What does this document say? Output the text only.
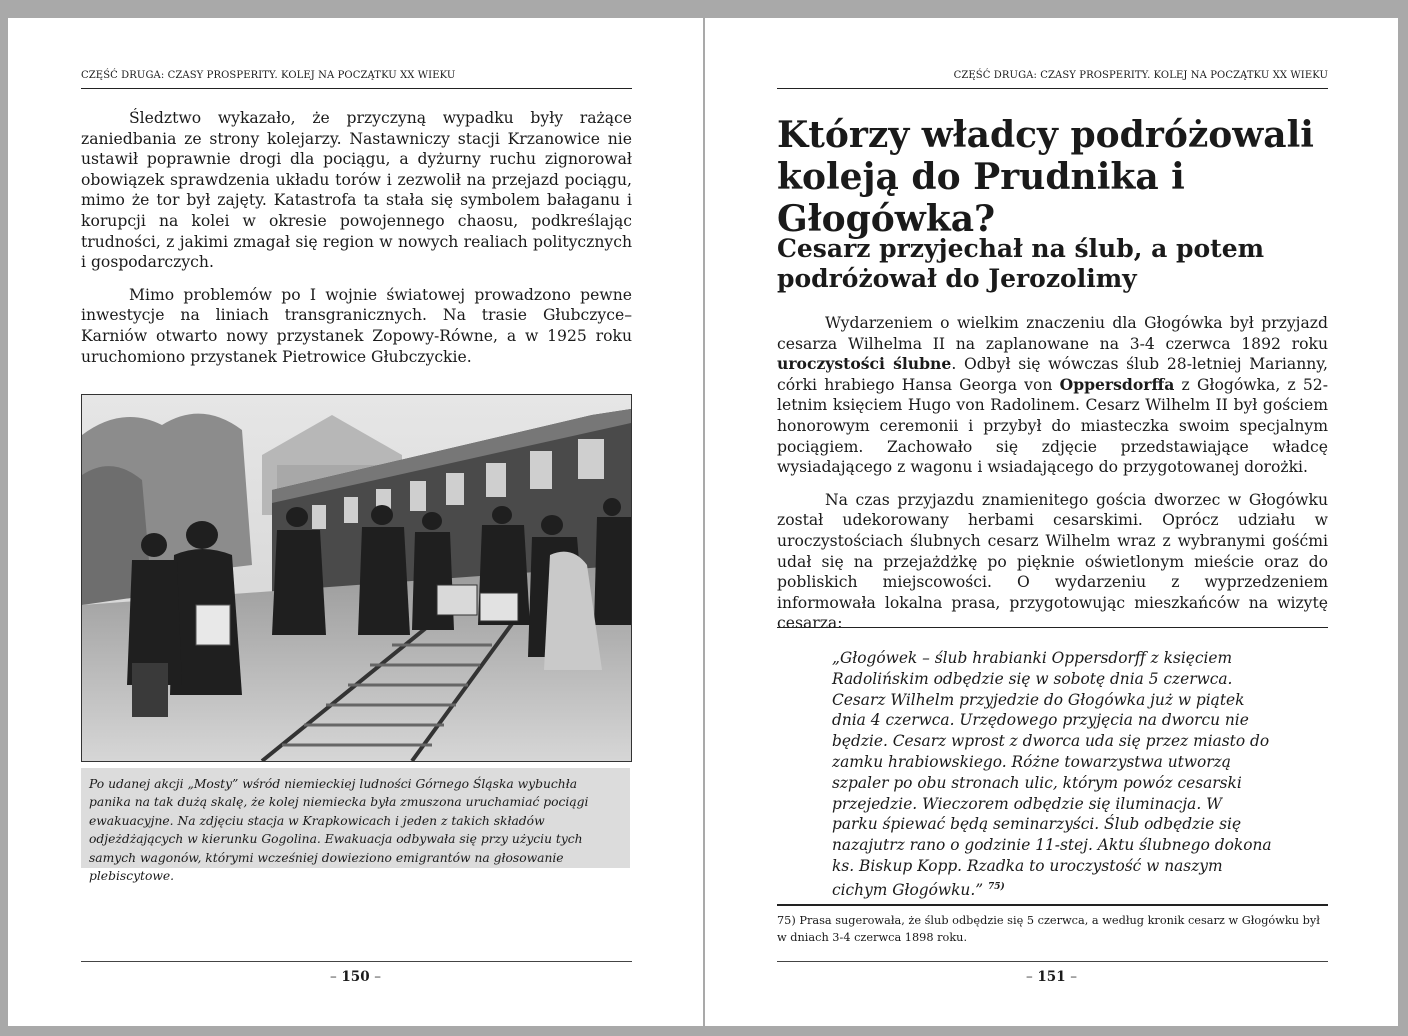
CZĘŚĆ DRUGA: CZASY PROSPERITY. KOLEJ NA POCZĄTKU XX WIEKU

Śledztwo wykazało, że przyczyną wypadku były rażące zaniedbania ze strony kolejarzy. Nastawniczy stacji Krzanowice nie ustawił poprawnie drogi dla pociągu, a dyżurny ruchu zignorował obowiązek sprawdzenia układu torów i zezwolił na przejazd pociągu, mimo że tor był zajęty. Katastrofa ta stała się symbolem bałaganu i korupcji na kolei w okresie powojennego chaosu, podkreślając trudności, z jakimi zmagał się region w nowych realiach politycznych i gospodarczych.

Mimo problemów po I wojnie światowej prowadzono pewne inwestycje na liniach transgranicznych. Na trasie Głubczyce–Karniów otwarto nowy przystanek Zopowy-Równe, a w 1925 roku uruchomiono przystanek Pietrowice Głubczyckie.

Po udanej akcji „Mosty” wśród niemieckiej ludności Górnego Śląska wybuchła panika na tak dużą skalę, że kolej niemiecka była zmuszona uruchamiać pociągi ewakuacyjne. Na zdjęciu stacja w Krapkowicach i jeden z takich składów odjeżdżających w kierunku Gogolina. Ewakuacja odbywała się przy użyciu tych samych wagonów, którymi wcześniej dowieziono emigrantów na głosowanie plebiscytowe.
– 150 –
CZĘŚĆ DRUGA: CZASY PROSPERITY. KOLEJ NA POCZĄTKU XX WIEKU
Którzy władcy podróżowali koleją do Prudnika i Głogówka?
Cesarz przyjechał na ślub, a potem podróżował do Jerozolimy

Wydarzeniem o wielkim znaczeniu dla Głogówka był przyjazd cesarza Wilhelma II na zaplanowane na 3-4 czerwca 1892 roku uroczystości ślubne. Odbył się wówczas ślub 28-letniej Marianny, córki hrabiego Hansa Georga von Oppersdorffa z Głogówka, z 52-letnim księciem Hugo von Radolinem. Cesarz Wilhelm II był gościem honorowym ceremonii i przybył do miasteczka swoim specjalnym pociągiem. Zachowało się zdjęcie przedstawiające władcę wysiadającego z wagonu i wsiadającego do przygotowanej dorożki.

Na czas przyjazdu znamienitego gościa dworzec w Głogówku został udekorowany herbami cesarskimi. Oprócz udziału w uroczystościach ślubnych cesarz Wilhelm wraz z wybranymi gośćmi udał się na przejażdżkę po pięknie oświetlonym mieście oraz do pobliskich miejscowości. O wydarzeniu z wyprzedzeniem informowała lokalna prasa, przygotowując mieszkańców na wizytę cesarza:

„Głogówek – ślub hrabianki Oppersdorff z księciem Radolińskim odbędzie się w sobotę dnia 5 czerwca. Cesarz Wilhelm przyjedzie do Głogówka już w piątek dnia 4 czerwca. Urzędowego przyjęcia na dworcu nie będzie. Cesarz wprost z dworca uda się przez miasto do zamku hrabiowskiego. Różne towarzystwa utworzą szpaler po obu stronach ulic, którym powóz cesarski przejedzie. Wieczorem odbędzie się iluminacja. W parku śpiewać będą seminarzyści. Ślub odbędzie się nazajutrz rano o godzinie 11-stej. Aktu ślubnego dokona ks. Biskup Kopp. Rzadka to uroczystość w naszym cichym Głogówku.” $^{75)}$
75) Prasa sugerowała, że ślub odbędzie się 5 czerwca, a według kronik cesarz w Głogówku był w dniach 3-4 czerwca 1898 roku.
– 151 –
